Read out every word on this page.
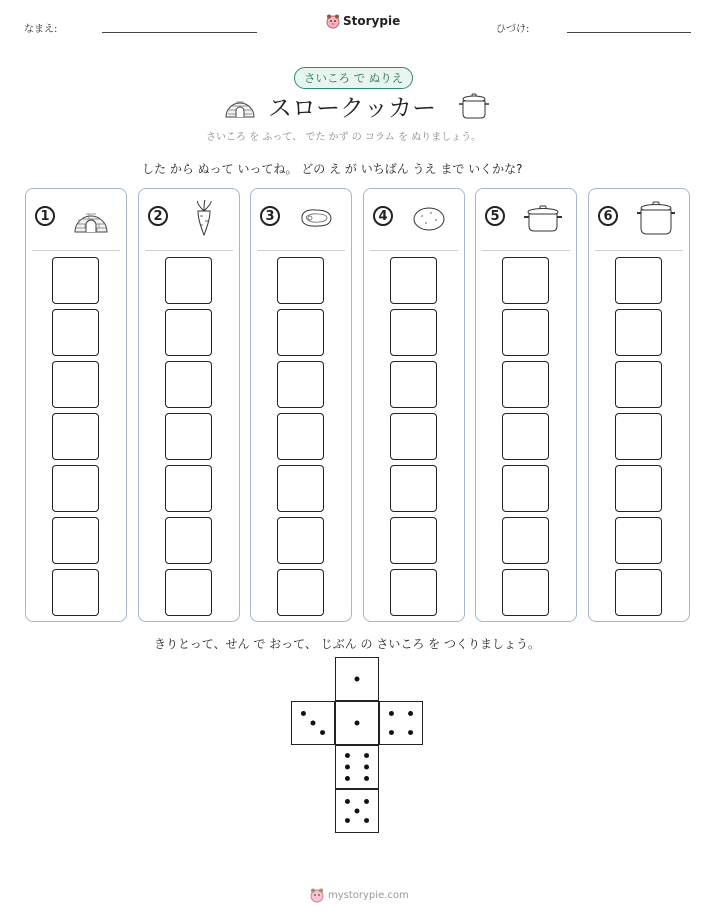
なまえ:
Storypie
ひづけ:
さいころ で ぬりえ
スロークッカー
さいころ を ふって、 でた かず の コラム を ぬりましょう。
した から ぬって いってね。 どの え が いちばん うえ まで いくかな?
1	2	3	4	5	6
きりとって、せん で おって、 じぶん の さいころ を つくりましょう。
mystorypie.com
